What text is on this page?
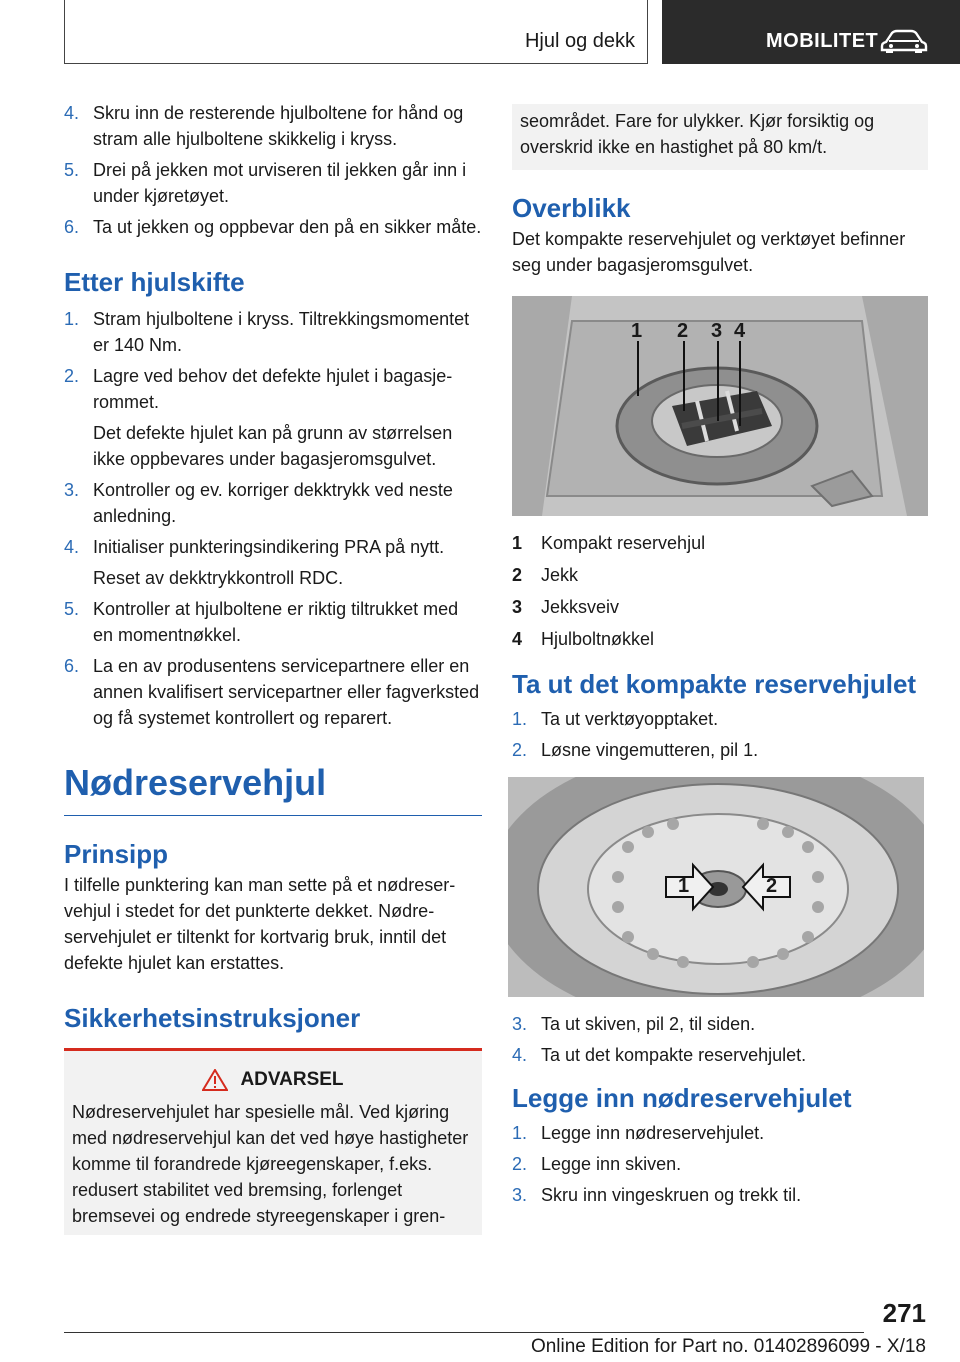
Hjul og dekk	MOBILITET
4. Skru inn de resterende hjulboltene for hånd og stram alle hjulboltene skikkelig i kryss.
5. Drei på jekken mot urviseren til jekken går inn i under kjøretøyet.
6. Ta ut jekken og oppbevar den på en sikker måte.
Etter hjulskifte
1. Stram hjulboltene i kryss. Tiltrekkingsmomentet er 140 Nm.
2. Lagre ved behov det defekte hjulet i bagasjerommet.
Det defekte hjulet kan på grunn av størrelsen ikke oppbevares under bagasjeromsgulvet.
3. Kontroller og ev. korriger dekktrykk ved neste anledning.
4. Initialiser punkteringsindikering PRA på nytt.
Reset av dekktrykkontroll RDC.
5. Kontroller at hjulboltene er riktig tiltrukket med en momentnøkkel.
6. La en av produsentens servicepartnere eller en annen kvalifisert servicepartner eller fagverksted og få systemet kontrollert og reparert.
Nødreservehjul
Prinsipp
I tilfelle punktering kan man sette på et nødreservehjul i stedet for det punkterte dekket. Nødreservehjulet er tiltenkt for kortvarig bruk, inntil det defekte hjulet kan erstattes.
Sikkerhetsinstruksjoner
ADVARSEL
Nødreservehjulet har spesielle mål. Ved kjøring med nødreservehjul kan det ved høye hastigheter komme til forandrede kjøreegenskaper, f.eks. redusert stabilitet ved bremsing, forlenget bremsevei og endrede styreegenskaper i gren-
seområdet. Fare for ulykker. Kjør forsiktig og overskrid ikke en hastighet på 80 km/t.
Overblikk
Det kompakte reservehjulet og verktøyet befinner seg under bagasjeromsgulvet.
1 2 3 4
1	Kompakt reservehjul
2	Jekk
3	Jekksveiv
4	Hjulboltnøkkel
Ta ut det kompakte reservehjulet
1. Ta ut verktøyopptaket.
2. Løsne vingemutteren, pil 1.
1	2
3. Ta ut skiven, pil 2, til siden.
4. Ta ut det kompakte reservehjulet.
Legge inn nødreservehjulet
1. Legge inn nødreservehjulet.
2. Legge inn skiven.
3. Skru inn vingeskruen og trekk til.
271
Online Edition for Part no. 01402896099 - X/18
